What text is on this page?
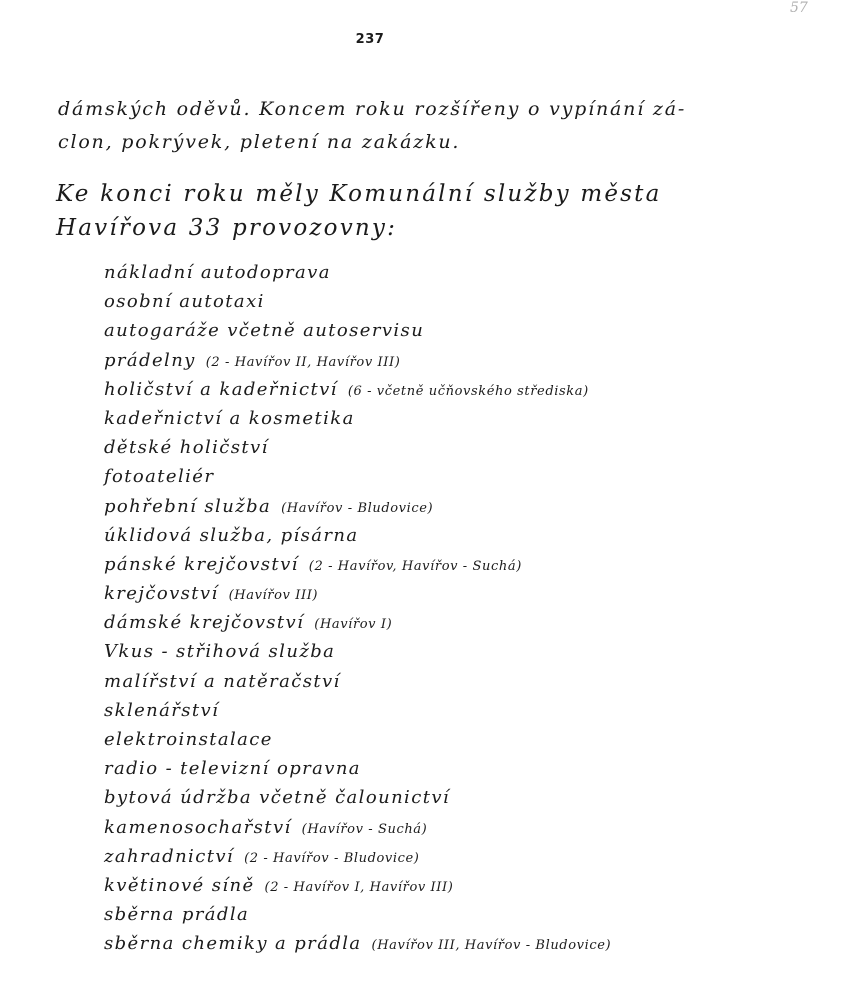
57
237
dámských oděvů. Koncem roku rozšířeny o vypínání zá-
clon, pokrývek, pletení na zakázku.
Ke konci roku měly Komunální služby města
Havířova 33 provozovny:
nákladní autodoprava
osobní autotaxi
autogaráže včetně autoservisu
prádelny (2 - Havířov II, Havířov III)
holičství a kadeřnictví (6 - včetně učňovského střediska)
kadeřnictví a kosmetika
dětské holičství
fotoateliér
pohřební služba (Havířov - Bludovice)
úklidová služba, písárna
pánské krejčovství (2 - Havířov, Havířov - Suchá)
krejčovství (Havířov III)
dámské krejčovství (Havířov I)
Vkus - střihová služba
malířství a natěračství
sklenářství
elektroinstalace
radio - televizní opravna
bytová údržba včetně čalounictví
kamenosochařství (Havířov - Suchá)
zahradnictví (2 - Havířov - Bludovice)
květinové síně (2 - Havířov I, Havířov III)
sběrna prádla
sběrna chemiky a prádla (Havířov III, Havířov - Bludovice)
